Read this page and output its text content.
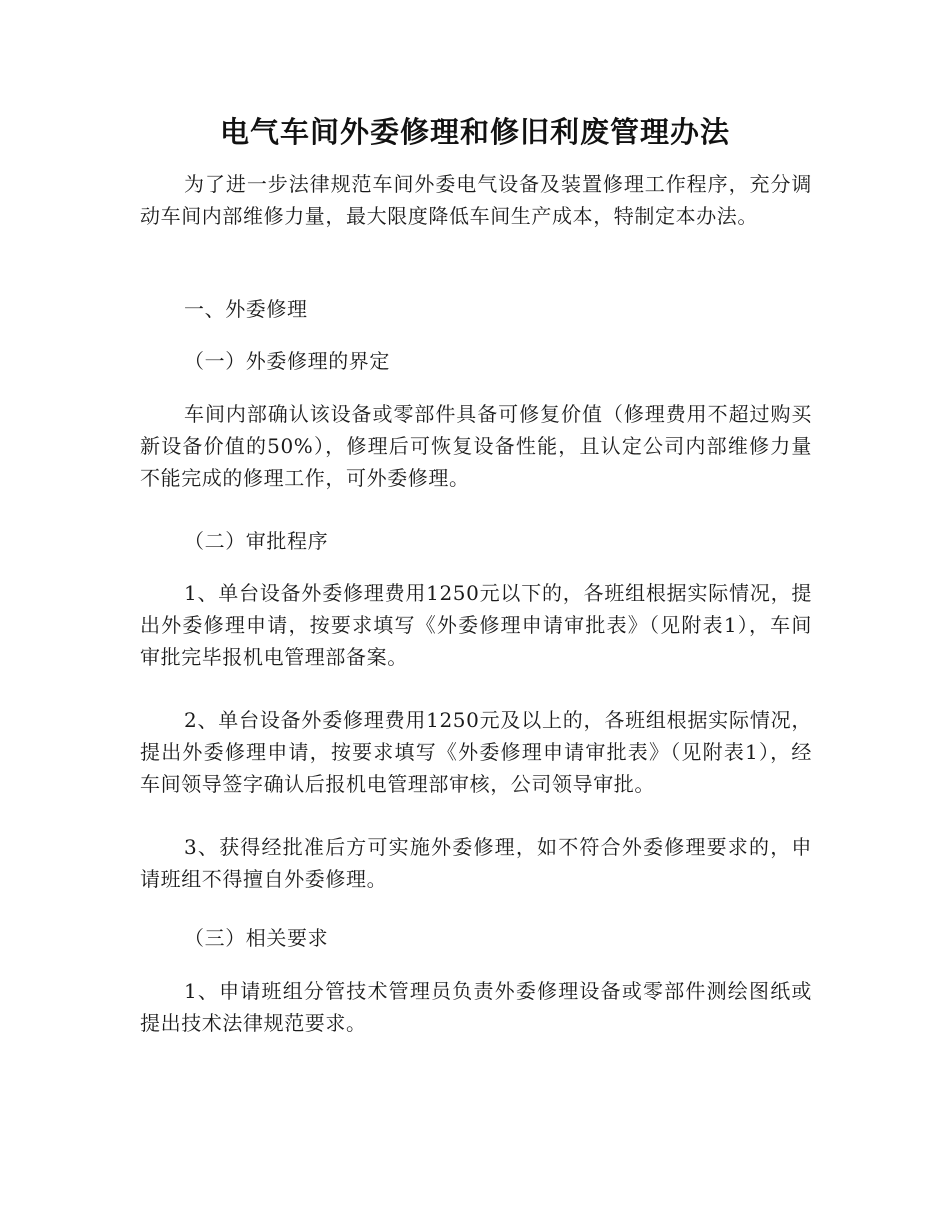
电气车间外委修理和修旧利废管理办法

为了进一步法律规范车间外委电气设备及装置修理工作程序，充分调动车间内部维修力量，最大限度降低车间生产成本，特制定本办法。

一、外委修理

（一）外委修理的界定

车间内部确认该设备或零部件具备可修复价值（修理费用不超过购买新设备价值的50%），修理后可恢复设备性能，且认定公司内部维修力量不能完成的修理工作，可外委修理。

（二）审批程序

1、单台设备外委修理费用1250元以下的，各班组根据实际情况，提出外委修理申请，按要求填写《外委修理申请审批表》（见附表1），车间审批完毕报机电管理部备案。

2、单台设备外委修理费用1250元及以上的，各班组根据实际情况，提出外委修理申请，按要求填写《外委修理申请审批表》（见附表1），经车间领导签字确认后报机电管理部审核，公司领导审批。

3、获得经批准后方可实施外委修理，如不符合外委修理要求的，申请班组不得擅自外委修理。

（三）相关要求

1、申请班组分管技术管理员负责外委修理设备或零部件测绘图纸或提出技术法律规范要求。
